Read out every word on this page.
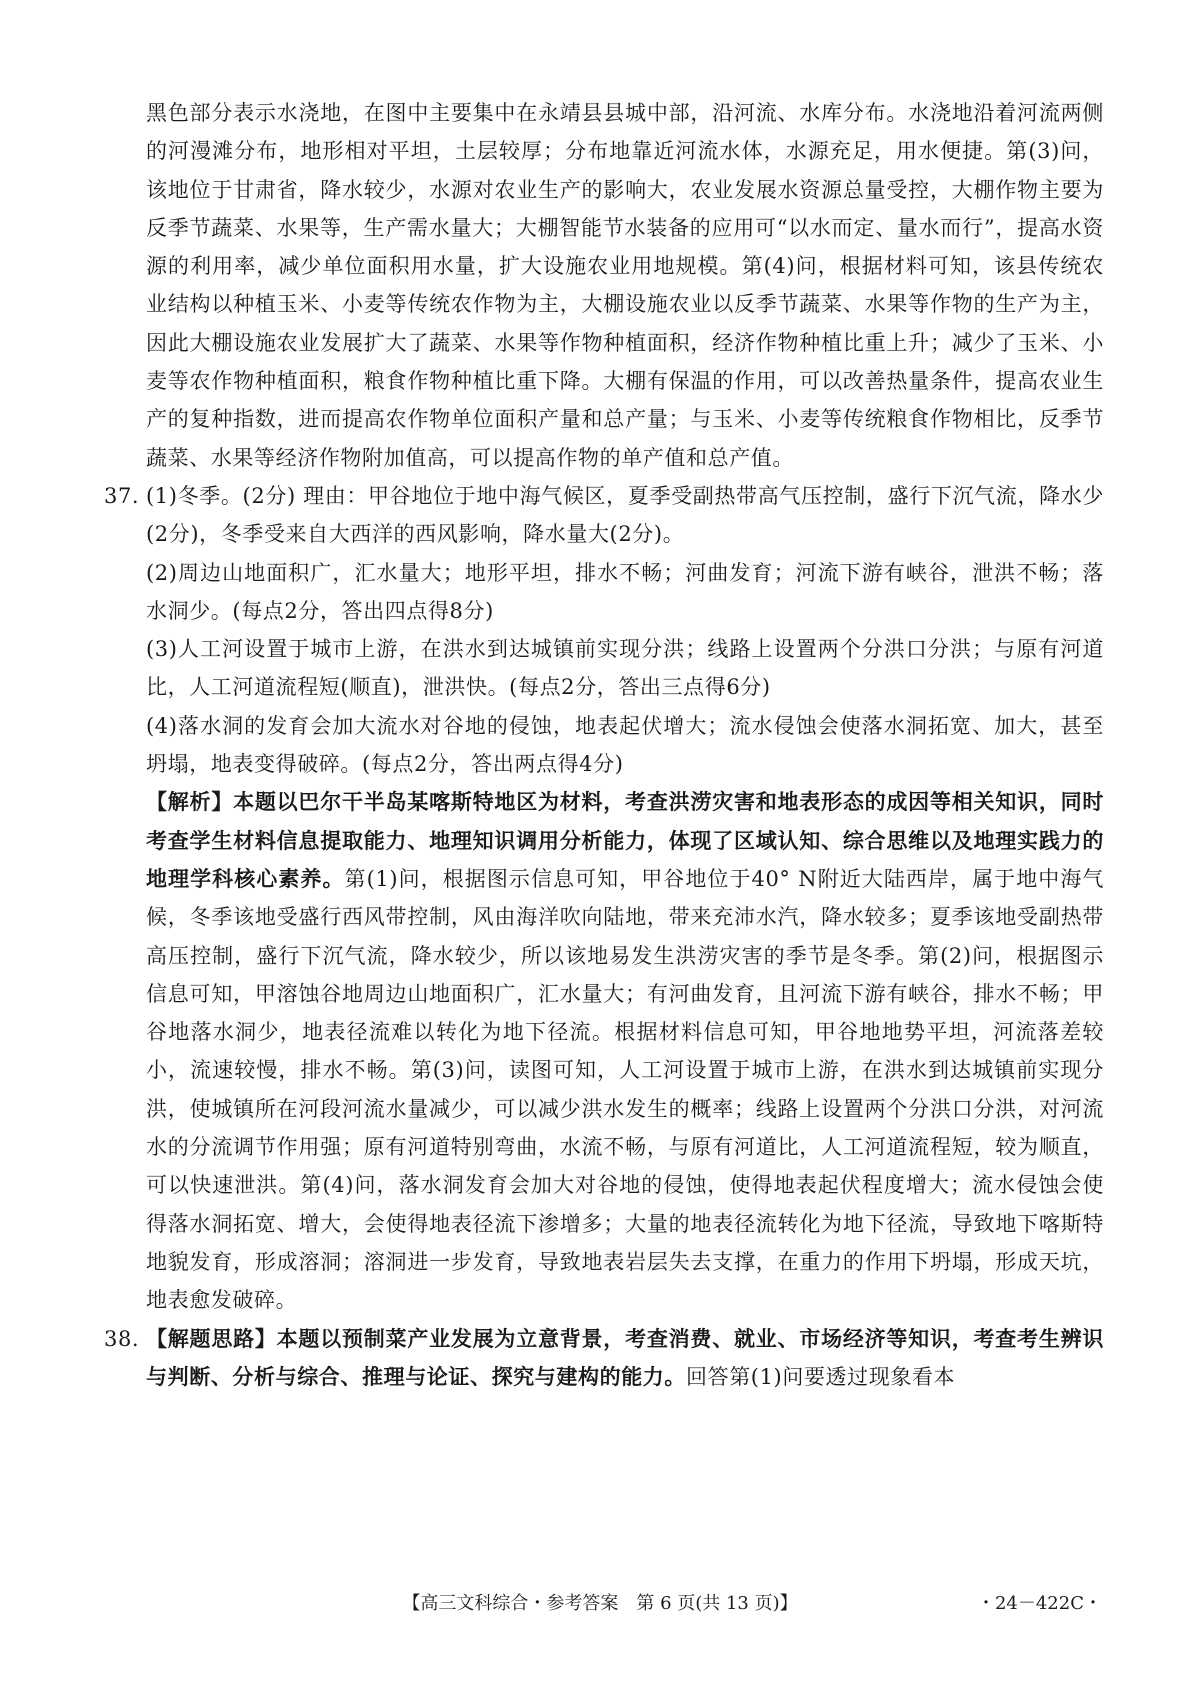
黑色部分表示水浇地，在图中主要集中在永靖县县城中部，沿河流、水库分布。水浇地沿着河流两侧的河漫滩分布，地形相对平坦，土层较厚；分布地靠近河流水体，水源充足，用水便捷。第(3)问，该地位于甘肃省，降水较少，水源对农业生产的影响大，农业发展水资源总量受控，大棚作物主要为反季节蔬菜、水果等，生产需水量大；大棚智能节水装备的应用可“以水而定、量水而行”，提高水资源的利用率，减少单位面积用水量，扩大设施农业用地规模。第(4)问，根据材料可知，该县传统农业结构以种植玉米、小麦等传统农作物为主，大棚设施农业以反季节蔬菜、水果等作物的生产为主，因此大棚设施农业发展扩大了蔬菜、水果等作物种植面积，经济作物种植比重上升；减少了玉米、小麦等农作物种植面积，粮食作物种植比重下降。大棚有保温的作用，可以改善热量条件，提高农业生产的复种指数，进而提高农作物单位面积产量和总产量；与玉米、小麦等传统粮食作物相比，反季节蔬菜、水果等经济作物附加值高，可以提高作物的单产值和总产值。

37. (1)冬季。(2分) 理由：甲谷地位于地中海气候区，夏季受副热带高气压控制，盛行下沉气流，降水少(2分)，冬季受来自大西洋的西风影响，降水量大(2分)。

(2)周边山地面积广，汇水量大；地形平坦，排水不畅；河曲发育；河流下游有峡谷，泄洪不畅；落水洞少。(每点2分，答出四点得8分)

(3)人工河设置于城市上游，在洪水到达城镇前实现分洪；线路上设置两个分洪口分洪；与原有河道比，人工河道流程短(顺直)，泄洪快。(每点2分，答出三点得6分)

(4)落水洞的发育会加大流水对谷地的侵蚀，地表起伏增大；流水侵蚀会使落水洞拓宽、加大，甚至坍塌，地表变得破碎。(每点2分，答出两点得4分)

【解析】本题以巴尔干半岛某喀斯特地区为材料，考查洪涝灾害和地表形态的成因等相关知识，同时考查学生材料信息提取能力、地理知识调用分析能力，体现了区域认知、综合思维以及地理实践力的地理学科核心素养。第(1)问，根据图示信息可知，甲谷地位于40° N附近大陆西岸，属于地中海气候，冬季该地受盛行西风带控制，风由海洋吹向陆地，带来充沛水汽，降水较多；夏季该地受副热带高压控制，盛行下沉气流，降水较少，所以该地易发生洪涝灾害的季节是冬季。第(2)问，根据图示信息可知，甲溶蚀谷地周边山地面积广，汇水量大；有河曲发育，且河流下游有峡谷，排水不畅；甲谷地落水洞少，地表径流难以转化为地下径流。根据材料信息可知，甲谷地地势平坦，河流落差较小，流速较慢，排水不畅。第(3)问，读图可知，人工河设置于城市上游，在洪水到达城镇前实现分洪，使城镇所在河段河流水量减少，可以减少洪水发生的概率；线路上设置两个分洪口分洪，对河流水的分流调节作用强；原有河道特别弯曲，水流不畅，与原有河道比，人工河道流程短，较为顺直，可以快速泄洪。第(4)问，落水洞发育会加大对谷地的侵蚀，使得地表起伏程度增大；流水侵蚀会使得落水洞拓宽、增大，会使得地表径流下渗增多；大量的地表径流转化为地下径流，导致地下喀斯特地貌发育，形成溶洞；溶洞进一步发育，导致地表岩层失去支撑，在重力的作用下坍塌，形成天坑，地表愈发破碎。

38. 【解题思路】本题以预制菜产业发展为立意背景，考查消费、就业、市场经济等知识，考查考生辨识与判断、分析与综合、推理与论证、探究与建构的能力。回答第(1)问要透过现象看本

【高三文科综合・参考答案　第 6 页(共 13 页)】	・24－422C・
